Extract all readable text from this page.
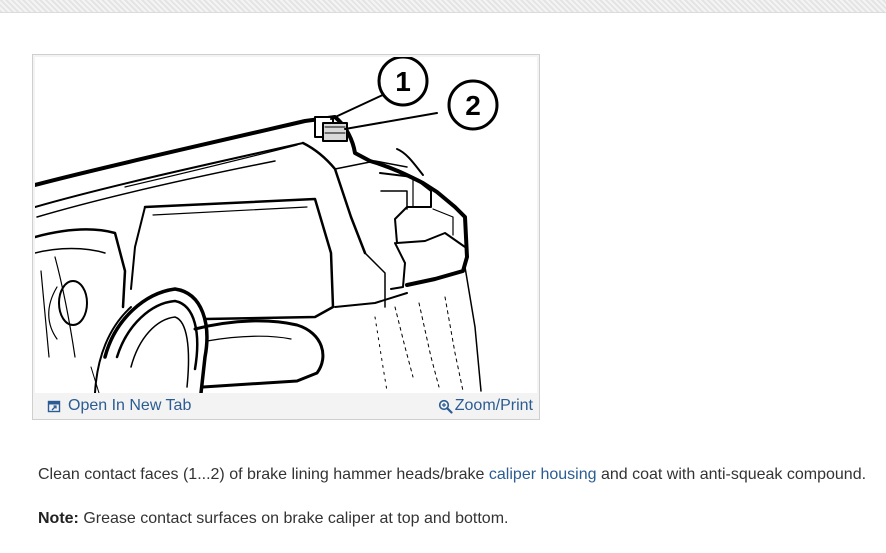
1
2
Open In New Tab	Zoom/Print

Clean contact faces (1...2) of brake lining hammer heads/brake caliper housing and coat with anti-squeak compound.

Note: Grease contact surfaces on brake caliper at top and bottom.
